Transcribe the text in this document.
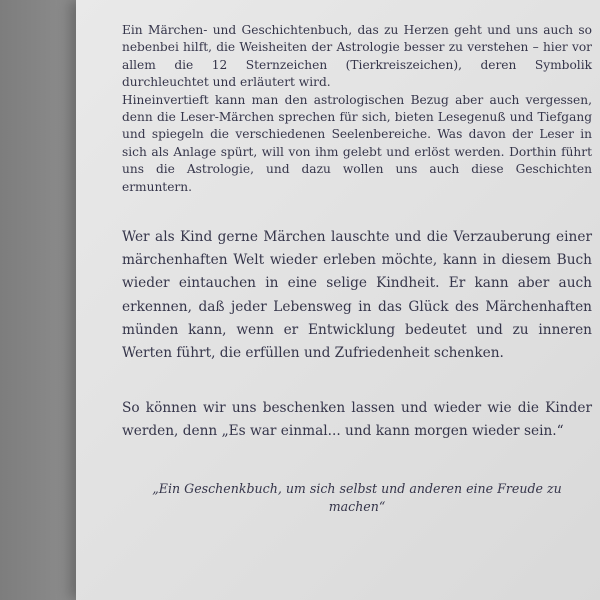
Ein Märchen- und Geschichtenbuch, das zu Herzen geht und uns auch so nebenbei hilft, die Weisheiten der Astrologie besser zu verstehen – hier vor allem die 12 Sternzeichen (Tierkreiszeichen), deren Symbolik durchleuchtet und erläutert wird.

Hineinvertieft kann man den astrologischen Bezug aber auch vergessen, denn die Leser-Märchen sprechen für sich, bieten Lesegenuß und Tiefgang und spiegeln die verschiedenen Seelenbereiche. Was davon der Leser in sich als Anlage spürt, will von ihm gelebt und erlöst werden. Dorthin führt uns die Astrologie, und dazu wollen uns auch diese Geschichten ermuntern.

Wer als Kind gerne Märchen lauschte und die Verzauberung einer märchenhaften Welt wieder erleben möchte, kann in diesem Buch wieder eintauchen in eine selige Kindheit. Er kann aber auch erkennen, daß jeder Lebensweg in das Glück des Märchenhaften münden kann, wenn er Entwicklung bedeutet und zu inneren Werten führt, die erfüllen und Zufriedenheit schenken.

So können wir uns beschenken lassen und wieder wie die Kinder werden, denn „Es war einmal... und kann morgen wieder sein.“

„Ein Geschenkbuch, um sich selbst und anderen eine Freude zu machen“
